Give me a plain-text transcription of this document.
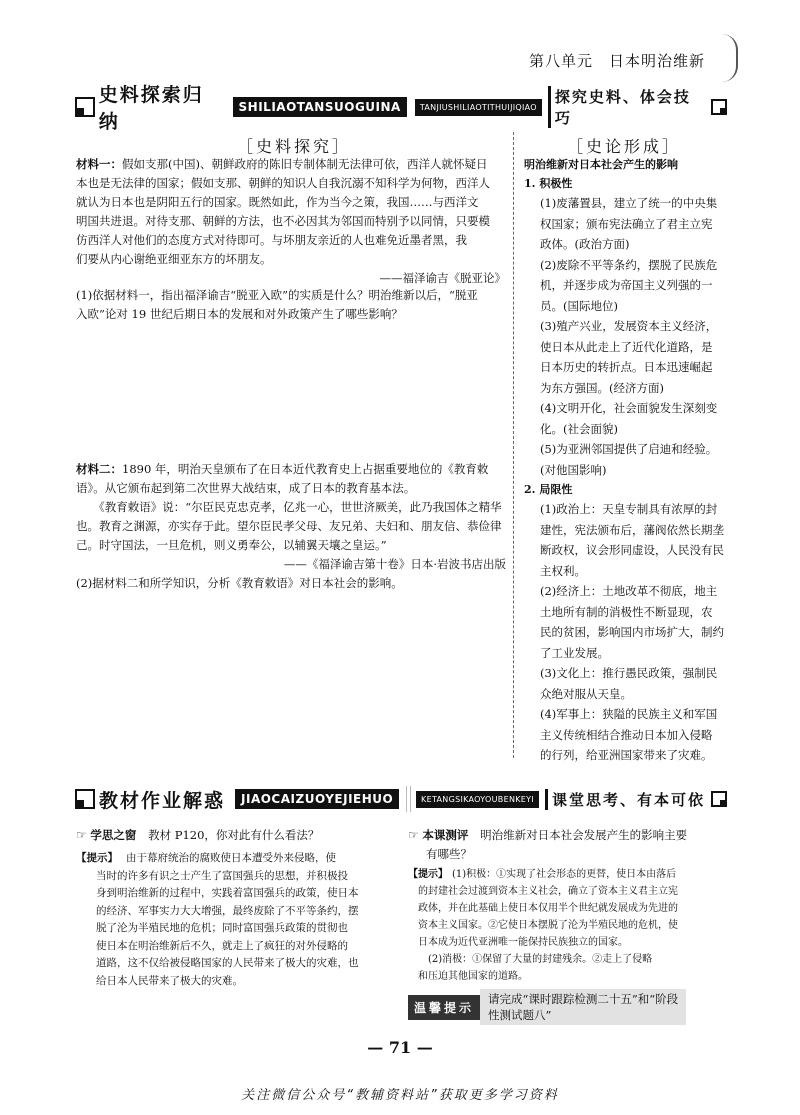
第八单元　日本明治维新
史料探索归纳
SHILIAOTANSUOGUINA	TANJIUSHILIAOTITHUIJIQIAO
探究史料、体会技巧
［史料探究］
材料一：假如支那(中国)、朝鲜政府的陈旧专制体制无法律可依，西洋人就怀疑日
本也是无法律的国家；假如支那、朝鲜的知识人自我沉溺不知科学为何物，西洋人
就认为日本也是阴阳五行的国家。既然如此，作为当今之策，我国……与西洋文
明国共进退。对待支那、朝鲜的方法，也不必因其为邻国而特别予以同情，只要模
仿西洋人对他们的态度方式对待即可。与坏朋友亲近的人也难免近墨者黑，我
们要从内心谢绝亚细亚东方的坏朋友。
——福泽谕吉《脱亚论》
(1)依据材料一，指出福泽谕吉“脱亚入欧”的实质是什么？明治维新以后，“脱亚
入欧”论对 19 世纪后期日本的发展和对外政策产生了哪些影响？
材料二：1890 年，明治天皇颁布了在日本近代教育史上占据重要地位的《教育敕
语》。从它颁布起到第二次世界大战结束，成了日本的教育基本法。
《教育敕语》说：“尔臣民克忠克孝，亿兆一心，世世济厥美，此乃我国体之精华
也。教育之渊源，亦实存于此。望尔臣民孝父母、友兄弟、夫妇和、朋友信、恭俭律
己。时守国法，一旦危机，则义勇奉公，以辅翼天壤之皇运。”
——《福泽谕吉第十卷》日本·岩波书店出版
(2)据材料二和所学知识，分析《教育敕语》对日本社会的影响。
［史论形成］
明治维新对日本社会产生的影响
1. 积极性
(1)废藩置县，建立了统一的中央集
权国家；颁布宪法确立了君主立宪
政体。(政治方面)
(2)废除不平等条约，摆脱了民族危
机，并逐步成为帝国主义列强的一
员。(国际地位)
(3)殖产兴业，发展资本主义经济，
使日本从此走上了近代化道路，是
日本历史的转折点。日本迅速崛起
为东方强国。(经济方面)
(4)文明开化，社会面貌发生深刻变
化。(社会面貌)
(5)为亚洲邻国提供了启迪和经验。
(对他国影响)
2. 局限性
(1)政治上：天皇专制具有浓厚的封
建性，宪法颁布后，藩阀依然长期垄
断政权，议会形同虚设，人民没有民
主权利。
(2)经济上：土地改革不彻底，地主
土地所有制的消极性不断显现，农
民的贫困，影响国内市场扩大，制约
了工业发展。
(3)文化上：推行愚民政策，强制民
众绝对服从天皇。
(4)军事上：狭隘的民族主义和军国
主义传统相结合推动日本加入侵略
的行列，给亚洲国家带来了灾难。
教材作业解惑	JIAOCAIZUOYEJIEHUO	KETANGSIKAOYOUBENKEYI	课堂思考、有本可依
☞ 学思之窗 教材 P120，你对此有什么看法？
【提示】 由于幕府统治的腐败使日本遭受外来侵略，使
当时的许多有识之士产生了富国强兵的思想，并积极投
身到明治维新的过程中，实践着富国强兵的政策，使日本
的经济、军事实力大大增强，最终废除了不平等条约，摆
脱了沦为半殖民地的危机；同时富国强兵政策的贯彻也
使日本在明治维新后不久，就走上了疯狂的对外侵略的
道路，这不仅给被侵略国家的人民带来了极大的灾难，也
给日本人民带来了极大的灾难。
☞ 本课测评 明治维新对日本社会发展产生的影响主要
有哪些？
【提示】 (1)积极：①实现了社会形态的更替，使日本由落后
的封建社会过渡到资本主义社会，确立了资本主义君主立宪
政体，并在此基础上使日本仅用半个世纪就发展成为先进的
资本主义国家。②它使日本摆脱了沦为半殖民地的危机，使
日本成为近代亚洲唯一能保持民族独立的国家。
(2)消极：①保留了大量的封建残余。②走上了侵略
和压迫其他国家的道路。
温馨提示
请完成“课时跟踪检测二十五”和“阶段
性测试题八”
— 71 —
关注微信公众号“教辅资料站”获取更多学习资料
